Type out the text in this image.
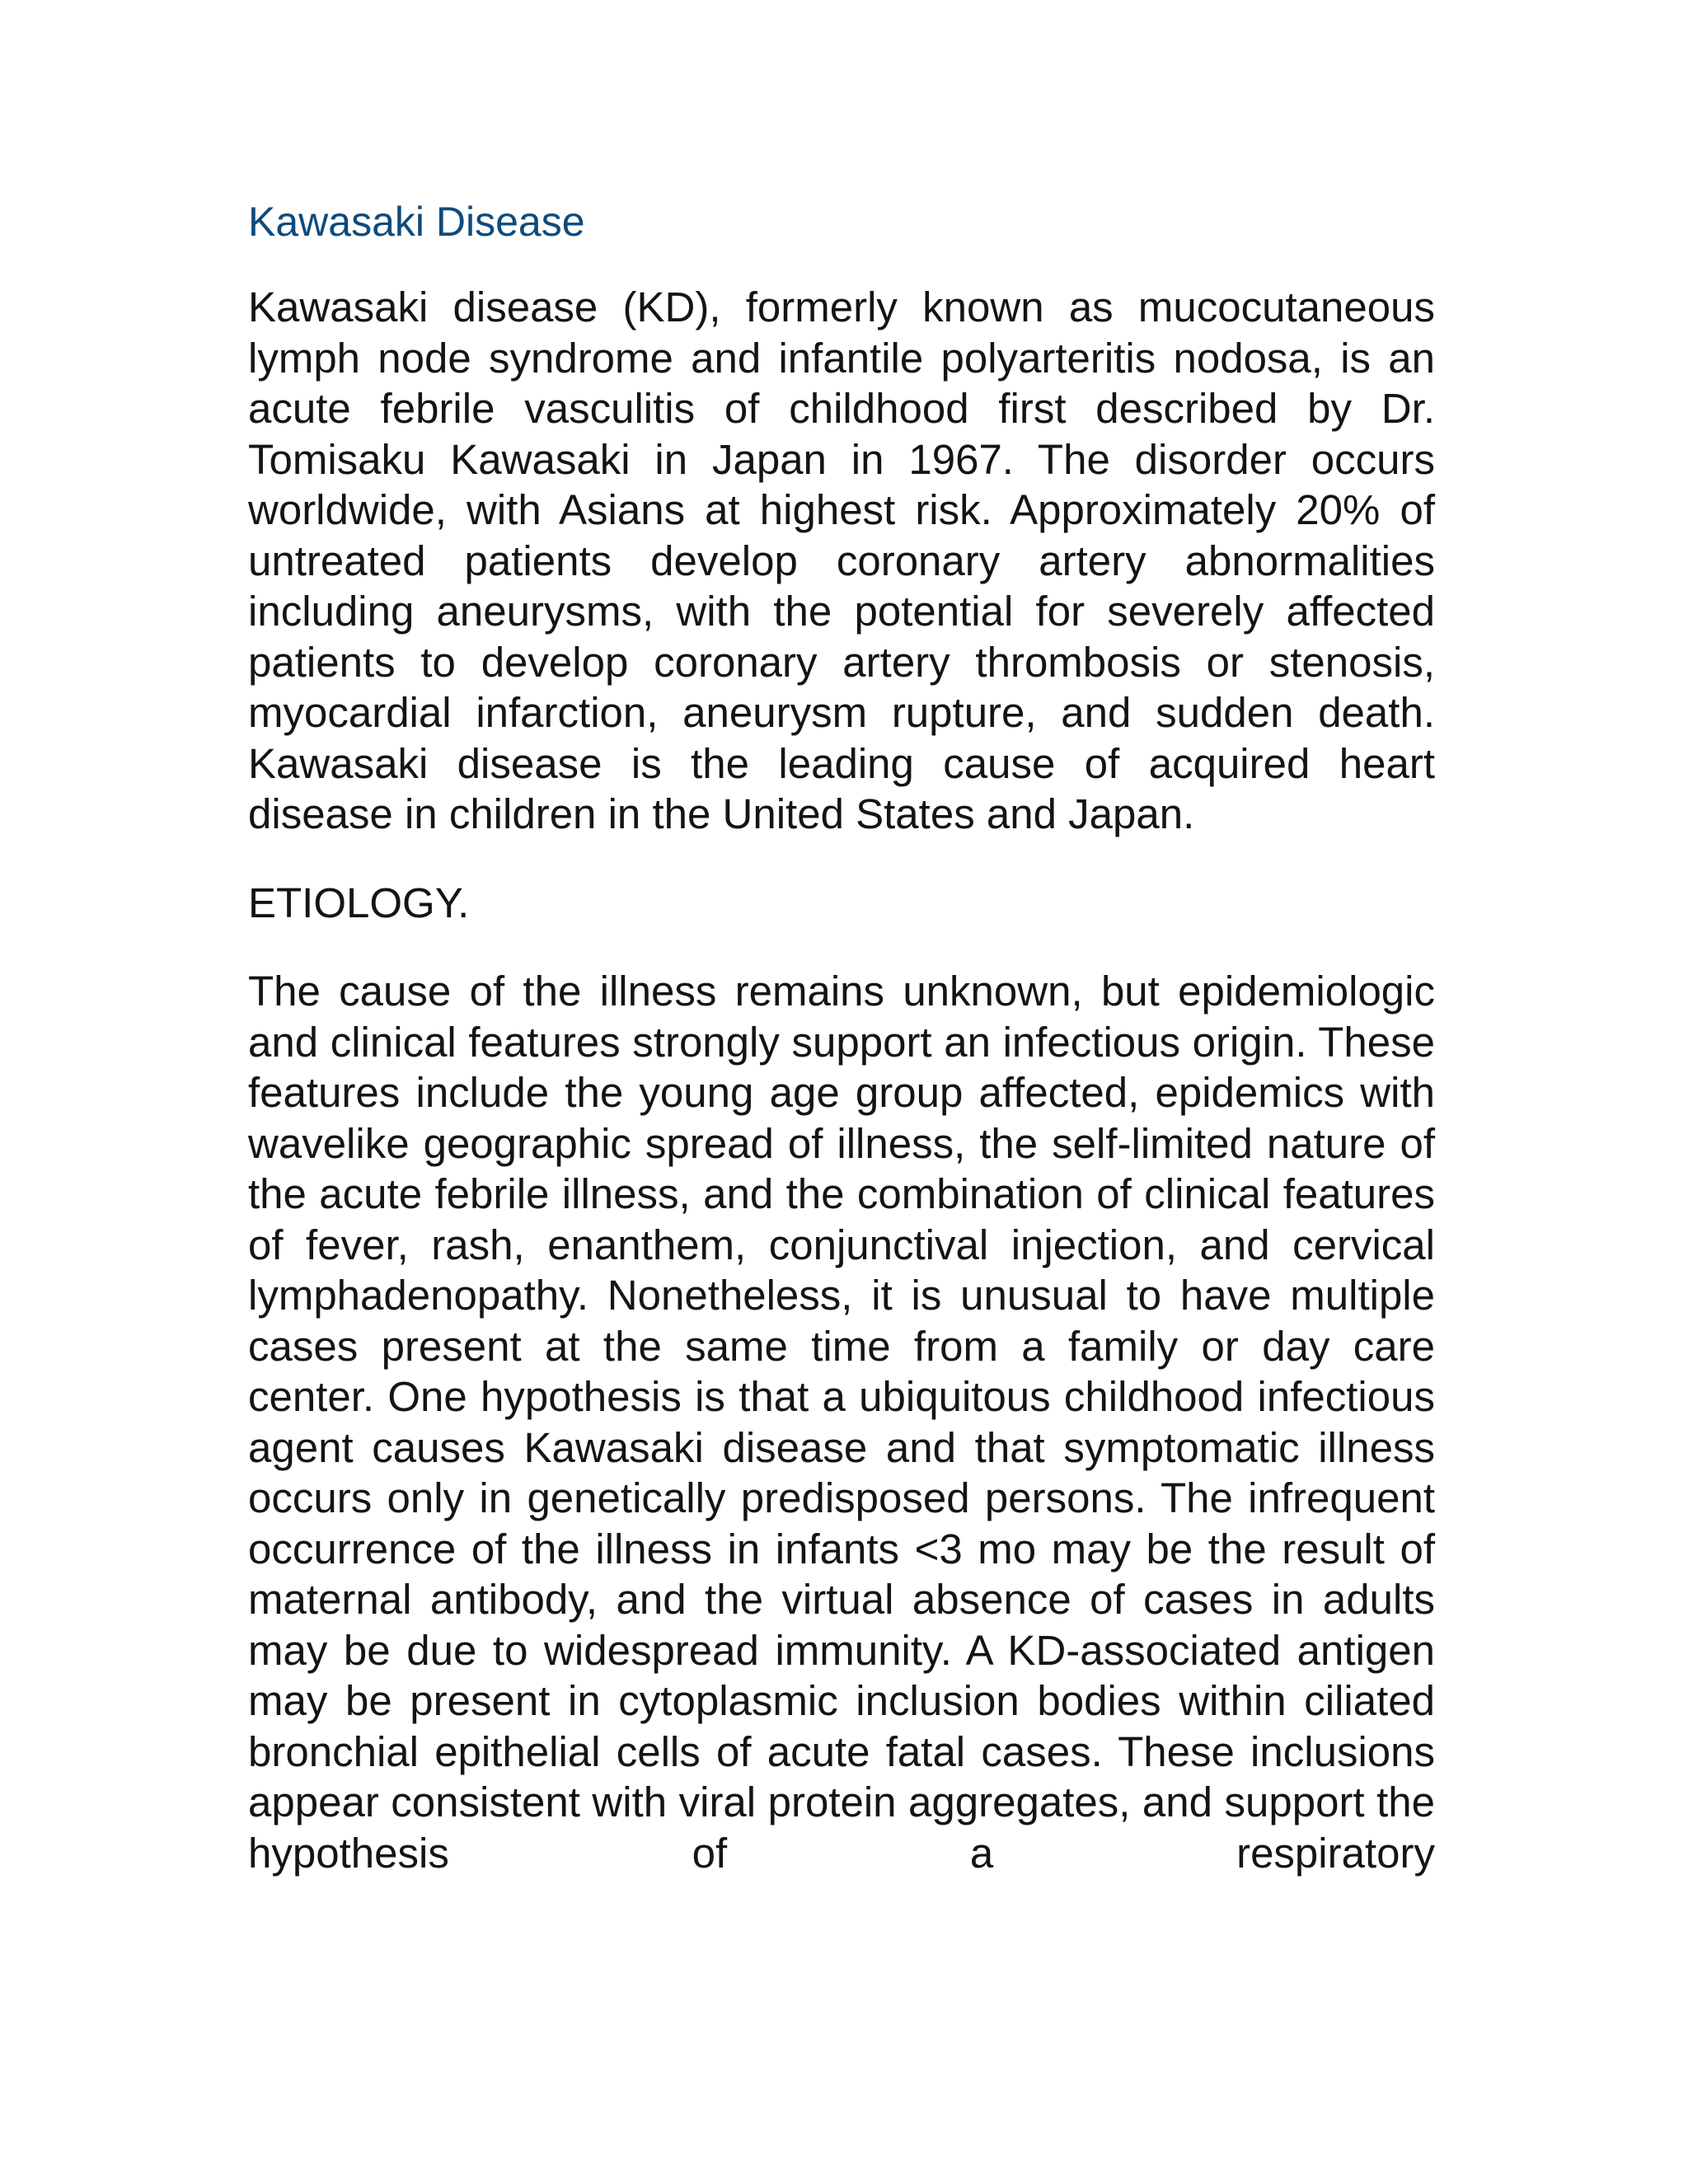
Kawasaki Disease

Kawasaki disease (KD), formerly known as mucocutaneous lymph node syndrome and infantile polyarteritis nodosa, is an acute febrile vasculitis of childhood first described by Dr. Tomisaku Kawasaki in Japan in 1967. The disorder occurs worldwide, with Asians at highest risk. Approximately 20% of untreated patients develop coronary artery abnormalities including aneurysms, with the potential for severely affected patients to develop coronary artery thrombosis or stenosis, myocardial infarction, aneurysm rupture, and sudden death. Kawasaki disease is the leading cause of acquired heart disease in children in the United States and Japan.

ETIOLOGY.

The cause of the illness remains unknown, but epidemiologic and clinical features strongly support an infectious origin. These features include the young age group affected, epidemics with wavelike geographic spread of illness, the self-limited nature of the acute febrile illness, and the combination of clinical features of fever, rash, enanthem, conjunctival injection, and cervical lymphadenopathy. Nonetheless, it is unusual to have multiple cases present at the same time from a family or day care center. One hypothesis is that a ubiquitous childhood infectious agent causes Kawasaki disease and that symptomatic illness occurs only in genetically predisposed persons. The infrequent occurrence of the illness in infants <3 mo may be the result of maternal antibody, and the virtual absence of cases in adults may be due to widespread immunity. A KD-associated antigen may be present in cytoplasmic inclusion bodies within ciliated bronchial epithelial cells of acute fatal cases. These inclusions appear consistent with viral protein aggregates, and support the hypothesis of a respiratory
